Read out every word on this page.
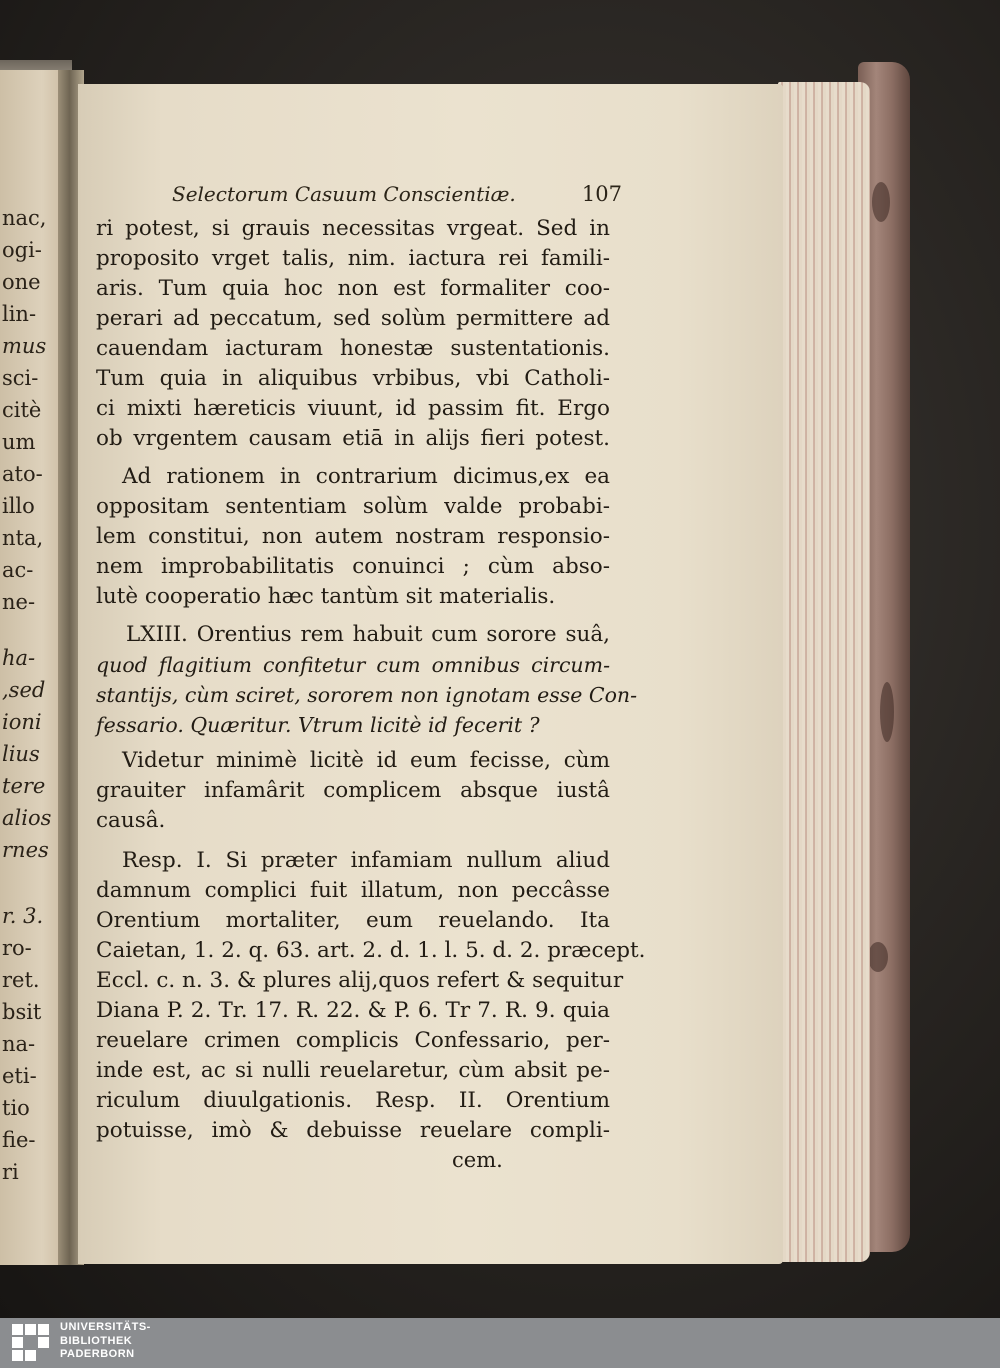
nac,
ogi-
one
lin-
mus
sci-
citè
um
ato-
illo
nta,
ac-
ne-
ha-
,sed
ioni
lius
tere
alios
rnes
r. 3.
ro-
ret.
bsit
na-
eti-
tio
fie-
ri
Selectorum Casuum Conscientiæ.	107
ri potest, si grauis necessitas vrgeat. Sed in
proposito vrget talis, nim. iactura rei famili-
aris. Tum quia hoc non est formaliter coo-
perari ad peccatum, sed solùm permittere ad
cauendam iacturam honestæ sustentationis.
Tum quia in aliquibus vrbibus, vbi Catholi-
ci mixti hæreticis viuunt, id passim fit. Ergo
ob vrgentem causam etiā in alijs fieri potest.
Ad rationem in contrarium dicimus,ex ea
oppositam sententiam solùm valde probabi-
lem constitui, non autem nostram responsio-
nem improbabilitatis conuinci ; cùm abso-
lutè cooperatio hæc tantùm sit materialis.
LXIII. Orentius rem habuit cum sorore suâ,
quod flagitium confitetur cum omnibus circum-
stantijs, cùm sciret, sororem non ignotam esse Con-
fessario. Quæritur. Vtrum licitè id fecerit ?
Videtur minimè licitè id eum fecisse, cùm
grauiter infamârit complicem absque iustâ
causâ.
Resp. I. Si præter infamiam nullum aliud
damnum complici fuit illatum, non peccâsse
Orentium mortaliter, eum reuelando. Ita
Caietan, 1. 2. q. 63. art. 2. d. 1. l. 5. d. 2. præcept.
Eccl. c. n. 3. & plures alij,quos refert & sequitur
Diana P. 2. Tr. 17. R. 22. & P. 6. Tr 7. R. 9. quia
reuelare crimen complicis Confessario, per-
inde est, ac si nulli reuelaretur, cùm absit pe-
riculum diuulgationis. Resp. II. Orentium
potuisse, imò & debuisse reuelare compli-
cem.
UNIVERSITÄTS-
BIBLIOTHEK
PADERBORN
